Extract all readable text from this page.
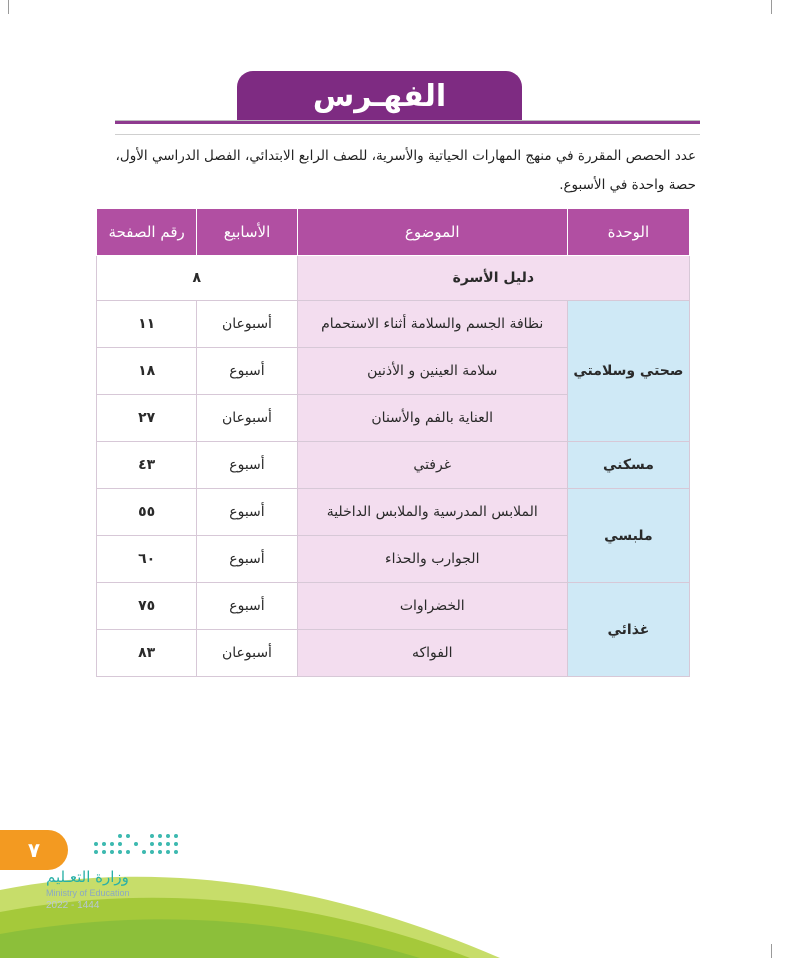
الفهـرس
عدد الحصص المقررة في منهج المهارات الحياتية والأسرية، للصف الرابع الابتدائي، الفصل الدراسي الأول،
حصة واحدة في الأسبوع.
الوحدة	الموضوع	الأسابيع	رقم الصفحة
دليل الأسرة		٨	
صحتي وسلامتي	نظافة الجسم والسلامة أثناء الاستحمام	أسبوعان	١١
	سلامة العينين و الأذنين	أسبوع	١٨
	العناية بالفم والأسنان	أسبوعان	٢٧
مسكني	غرفتي	أسبوع	٤٣
ملبسي	الملابس المدرسية والملابس الداخلية	أسبوع	٥٥
	الجوارب والحذاء	أسبوع	٦٠
غذائي	الخضراوات	أسبوع	٧٥
	الفواكه	أسبوعان	٨٣
٧
وزارة التعـليم
Ministry of Education
2022 - 1444
